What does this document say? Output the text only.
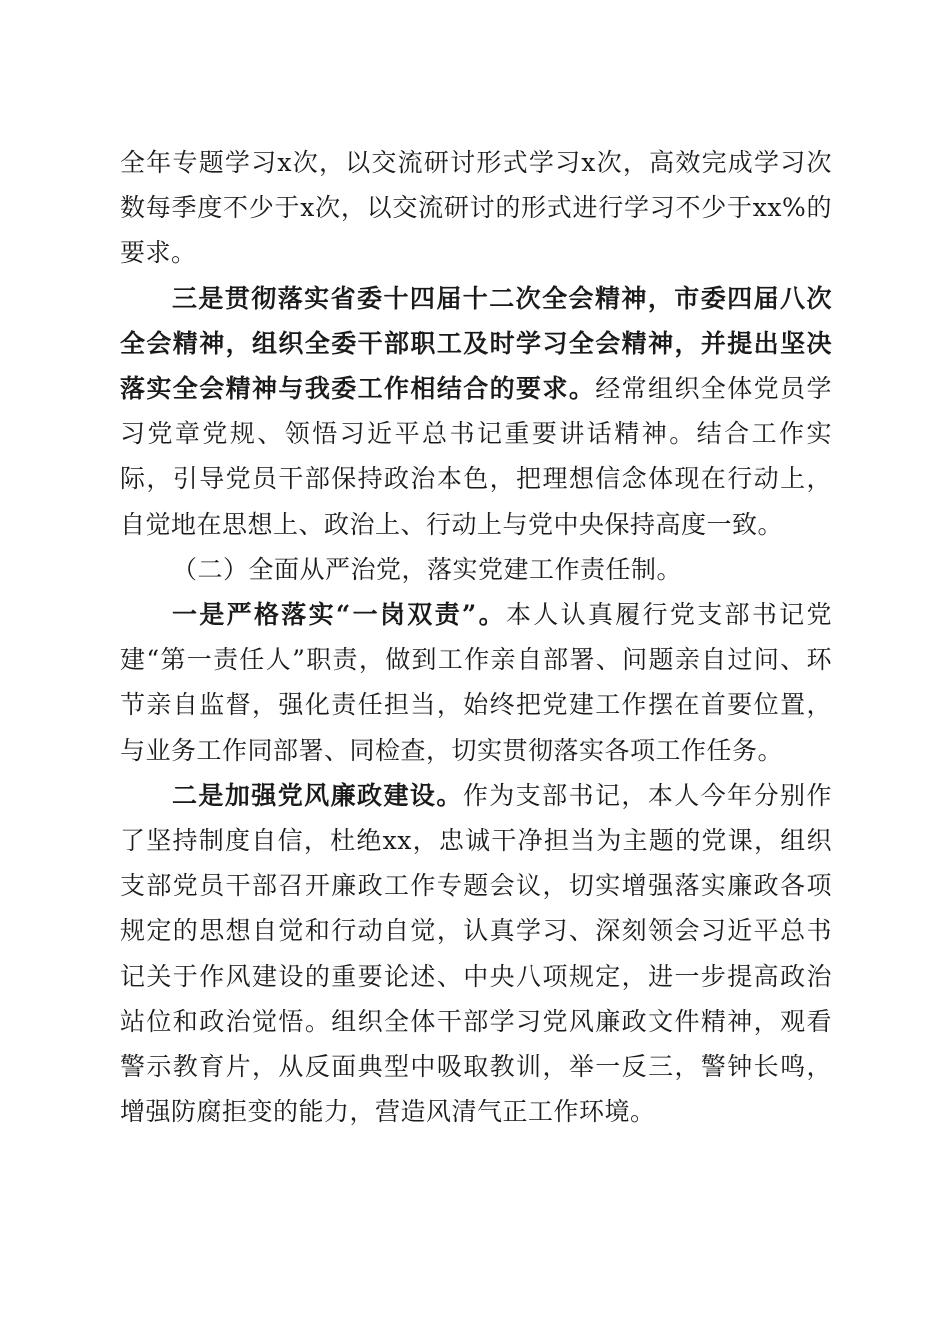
全年专题学习x次，以交流研讨形式学习x次，高效完成学习次数每季度不少于x次，以交流研讨的形式进行学习不少于xx%的要求。

三是贯彻落实省委十四届十二次全会精神，市委四届八次全会精神，组织全委干部职工及时学习全会精神，并提出坚决落实全会精神与我委工作相结合的要求。经常组织全体党员学习党章党规、领悟习近平总书记重要讲话精神。结合工作实际，引导党员干部保持政治本色，把理想信念体现在行动上，自觉地在思想上、政治上、行动上与党中央保持高度一致。

（二）全面从严治党，落实党建工作责任制。

一是严格落实“一岗双责”。本人认真履行党支部书记党建“第一责任人”职责，做到工作亲自部署、问题亲自过问、环节亲自监督，强化责任担当，始终把党建工作摆在首要位置，与业务工作同部署、同检查，切实贯彻落实各项工作任务。

二是加强党风廉政建设。作为支部书记，本人今年分别作了坚持制度自信，杜绝xx，忠诚干净担当为主题的党课，组织支部党员干部召开廉政工作专题会议，切实增强落实廉政各项规定的思想自觉和行动自觉，认真学习、深刻领会习近平总书记关于作风建设的重要论述、中央八项规定，进一步提高政治站位和政治觉悟。组织全体干部学习党风廉政文件精神，观看警示教育片，从反面典型中吸取教训，举一反三，警钟长鸣，增强防腐拒变的能力，营造风清气正工作环境。
